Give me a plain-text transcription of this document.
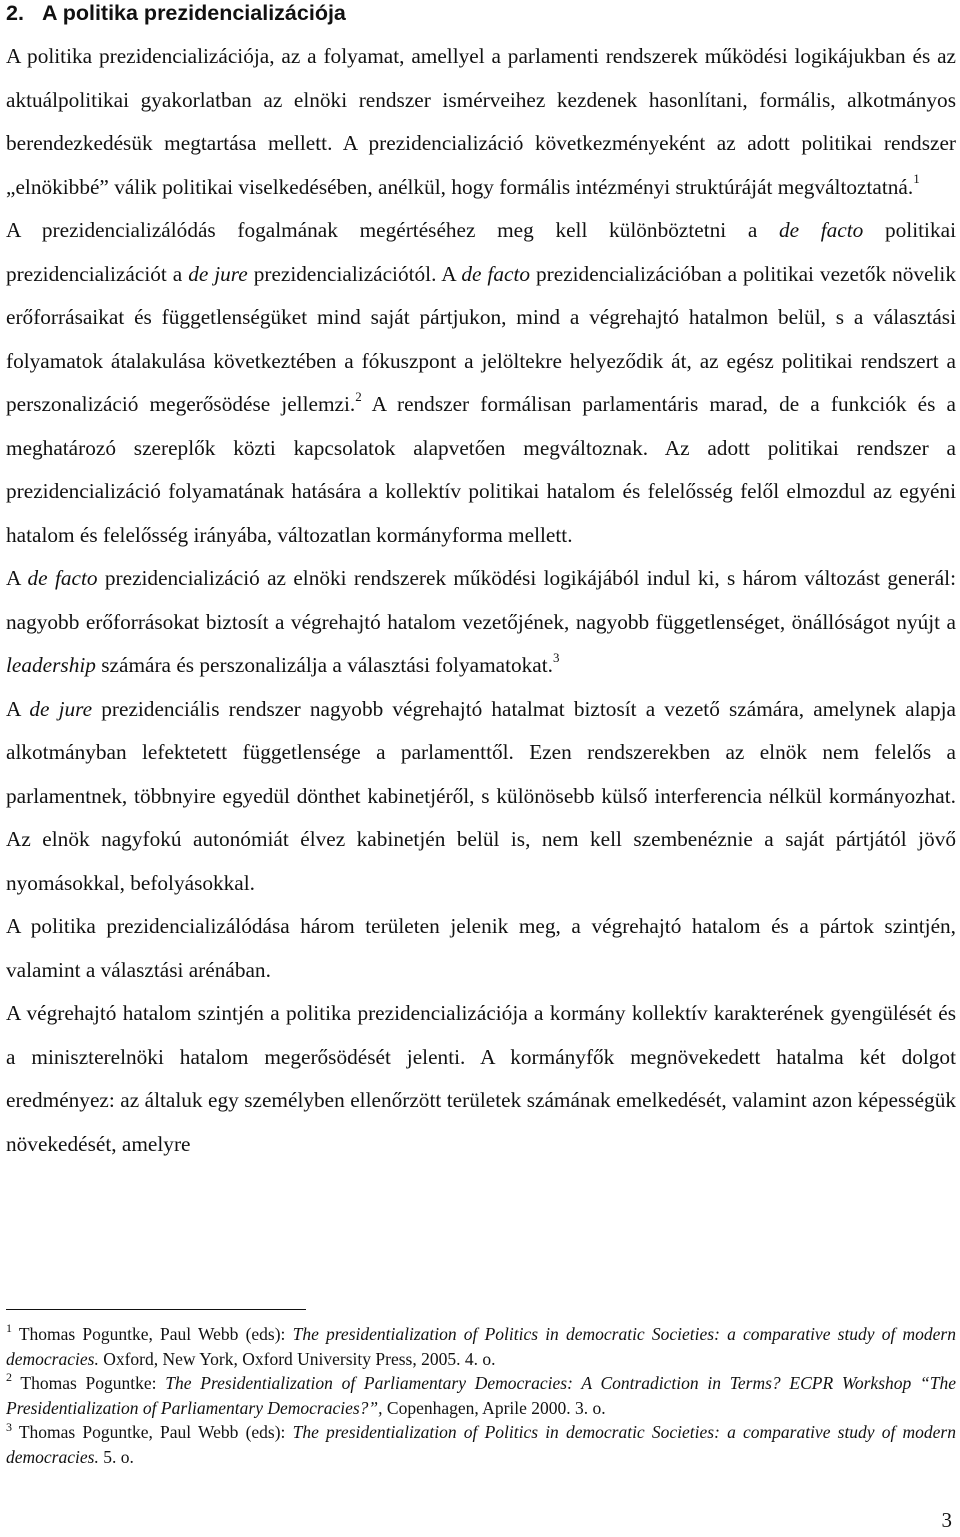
2. A politika prezidencializációja

A politika prezidencializációja, az a folyamat, amellyel a parlamenti rendszerek működési logikájukban és az aktuálpolitikai gyakorlatban az elnöki rendszer ismérveihez kezdenek hasonlítani, formális, alkotmányos berendezkedésük megtartása mellett. A prezidencializáció következményeként az adott politikai rendszer „elnökibbé” válik politikai viselkedésében, anélkül, hogy formális intézményi struktúráját megváltoztatná.$^1$

A prezidencializálódás fogalmának megértéséhez meg kell különböztetni a de facto politikai prezidencializációt a de jure prezidencializációtól. A de facto prezidencializációban a politikai vezetők növelik erőforrásaikat és függetlenségüket mind saját pártjukon, mind a végrehajtó hatalmon belül, s a választási folyamatok átalakulása következtében a fókuszpont a jelöltekre helyeződik át, az egész politikai rendszert a perszonalizáció megerősödése jellemzi.$^2$ A rendszer formálisan parlamentáris marad, de a funkciók és a meghatározó szereplők közti kapcsolatok alapvetően megváltoznak. Az adott politikai rendszer a prezidencializáció folyamatának hatására a kollektív politikai hatalom és felelősség felől elmozdul az egyéni hatalom és felelősség irányába, változatlan kormányforma mellett.

A de facto prezidencializáció az elnöki rendszerek működési logikájából indul ki, s három változást generál: nagyobb erőforrásokat biztosít a végrehajtó hatalom vezetőjének, nagyobb függetlenséget, önállóságot nyújt a leadership számára és perszonalizálja a választási folyamatokat.$^3$

A de jure prezidenciális rendszer nagyobb végrehajtó hatalmat biztosít a vezető számára, amelynek alapja alkotmányban lefektetett függetlensége a parlamenttől. Ezen rendszerekben az elnök nem felelős a parlamentnek, többnyire egyedül dönthet kabinetjéről, s különösebb külső interferencia nélkül kormányozhat. Az elnök nagyfokú autonómiát élvez kabinetjén belül is, nem kell szembenéznie a saját pártjától jövő nyomásokkal, befolyásokkal.

A politika prezidencializálódása három területen jelenik meg, a végrehajtó hatalom és a pártok szintjén, valamint a választási arénában.

A végrehajtó hatalom szintjén a politika prezidencializációja a kormány kollektív karakterének gyengülését és a miniszterelnöki hatalom megerősödését jelenti. A kormányfők megnövekedett hatalma két dolgot eredményez: az általuk egy személyben ellenőrzött területek számának emelkedését, valamint azon képességük növekedését, amelyre

$^1$ Thomas Poguntke, Paul Webb (eds): The presidentialization of Politics in democratic Societies: a comparative study of modern democracies. Oxford, New York, Oxford University Press, 2005. 4. o.

$^2$ Thomas Poguntke: The Presidentialization of Parliamentary Democracies: A Contradiction in Terms? ECPR Workshop “The Presidentialization of Parliamentary Democracies?”, Copenhagen, Aprile 2000. 3. o.

$^3$ Thomas Poguntke, Paul Webb (eds): The presidentialization of Politics in democratic Societies: a comparative study of modern democracies. 5. o.

3
